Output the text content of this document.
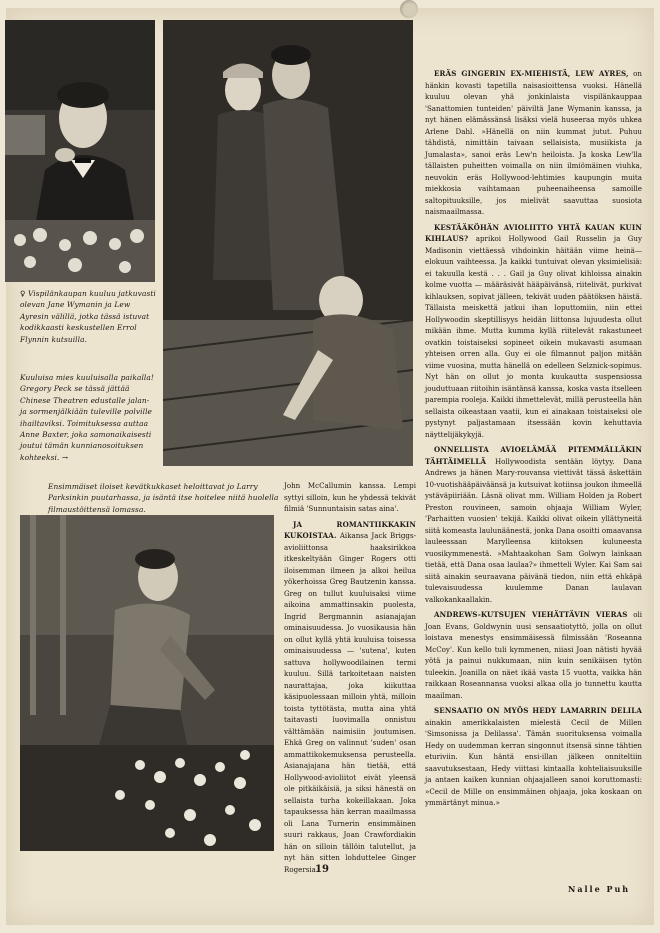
♀ Vispilänkaupan kuuluu jatkuvasti olevan Jane Wymanin ja Lew Ayresin välillä, jotka tässä istuvat kodikkaasti keskustellen Errol Flynnin kutsuilla.
Kuuluisa mies kuuluisalla paikalla! Gregory Peck se tässä jättää Chinese Theatren edustalle jalan- ja sormenjälkiään tuleville polville ihailtaviksi. Toimituksessa auttaa Anne Baxter, joka samonaikaisesti joutui tämän kunnianosoituksen kohteeksi. →
Ensimmäiset iloiset kevätkukkaset heloittavat jo Larry Parksinkin puutarhassa, ja isäntä itse hoitelee niitä huolella filmaustöittensä lomassa.

John McCallumin kanssa. Lempi syttyi silloin, kun he yhdessä tekivät filmiä 'Sunnuntaisin satas aina'.

JA ROMANTIIKKAKIN KUKOISTAA. Aikansa Jack Briggs-avioliittonsa haaksirikkoa itkeskeltyään Ginger Rogers otti iloisemman ilmeen ja alkoi heilua yökerhoissa Greg Bautzenin kanssa. Greg on tullut kuuluisaksi viime aikoina ammattinsakin puolesta, Ingrid Bergmannin asianajajan ominaisuudessa. Jo vuosikausia hän on ollut kyllä yhtä kuuluisa toisessa ominaisuudessa — 'sutena', kuten sattuva hollywoodilainen termi kuuluu. Sillä tarkoitetaan naisten naurattajaa, joka kiikuttaa käsipuolessaan milloin yhtä, milloin toista tyttötästa, mutta aina yhtä taitavasti luovimalla onnistuu välttämään naimisiin joutumisen. Ehkä Greg on valinnut 'suden' osan ammattikokemuksensa perusteella. Asianajajana hän tietää, että Hollywood-avioliitot eivät yleensä ole pitkäikäisiä, ja siksi hänestä on sellaista turha kokeillakaan. Joka tapauksessa hän kerran maailmassa oli Lana Turnerin ensimmäinen suuri rakkaus, Joan Crawfordiakin hän on silloin tällöin talutellut, ja nyt hän sitten lohduttelee Ginger Rogersia.

ERÄS GINGERIN EX-MIEHISTÄ, LEW AYRES, on hänkin kovasti tapetilla naisasioittensa vuoksi. Hänellä kuuluu olevan yhä jonkinlaista vispilänkauppaa 'Sanattomien tunteiden' päiviltä Jane Wymanin kanssa, ja nyt hänen elämässänsä lisäksi vielä huseeraa myös uhkea Arlene Dahl. »Hänellä on niin kummat jutut. Puhuu tähdistä, nimittäin taivaan sellaisista, musiikista ja Jumalasta», sanoi eräs Lew'n heiloista. Ja koska Lew'lla tällaisten puheitten voimalla on niin ilmiömäinen viuhka, neuvokin eräs Hollywood-lehtimies kaupungin muita miekkosia vaihtamaan puheenaiheensa samoille saltopituuksille, jos mielivät saavuttaa suosiota naismaailmassa.

KESTÄÄKÖHÄN AVIOLIITTO YHTÄ KAUAN KUIN KIHLAUS? aprikoi Hollywood Gail Russelin ja Guy Madisonin viettäessä vihdoinkin häitään viime heinä—elokuun vaihteessa. Ja kaikki tuntuivat olevan yksimielisiä: ei takuulla kestä . . . Gail ja Guy olivat kihloissa ainakin kolme vuotta — määräsivät hääpäivänsä, riitelivät, purkivat kihlauksen, sopivat jälleen, tekivät uuden päätöksen häistä. Tällaista meiskettä jatkui ihan loputtomiin, niin ettei Hollywoodin skeptillisyys heidän liittonsa lujuudesta ollut mikään ihme. Mutta kumma kyllä riitelevät rakastuneet ovatkin toistaiseksi sopineet oikein mukavasti asumaan yhteisen orren alla. Guy ei ole filmannut paljon mitään viime vuosina, mutta hänellä on edelleen Selznick-sopimus. Nyt hän on ollut jo monta kuukautta suspensiossa jouduttuaan riitoihin isäntänsä kanssa, koska vasta itselleen parempia rooleja. Kaikki ihmettelevät, millä perusteella hän sellaista oikeastaan vaatii, kun ei ainakaan toistaiseksi ole pystynyt paljastamaan itsessään kovin kehuttavia näyttelijäkykyjä.

ONNELLISTA AVIOELÄMÄÄ PITEMMÄLLÄKIN TÄHTÄIMELLÄ Hollywoodista sentään löytyy. Dana Andrews ja hänen Mary-rouvansa viettivät tässä äskettäin 10-vuotishääpäiväänsä ja kutsuivat kotiinsa joukon ihmeellä ystäväpiiriään. Läsnä olivat mm. William Holden ja Robert Preston rouvineen, samoin ohjaaja William Wyler, 'Parhaitten vuosien' tekijä. Kaikki olivat oikein yllättyneitä siitä komeasta laulunäänestä, jonka Dana osoitti omaavansa lauleessaan Marylleensa kiitoksen kuluneesta vuosikymmenestä. »Mahtaakohan Sam Golwyn lainkaan tietää, että Dana osaa laulaa?» ihmetteli Wyler. Kai Sam sai siitä ainakin seuraavana päivänä tiedon, niin että ehkäpä tulevaisuudessa kuulemme Danan laulavan valkokankaallakin.

ANDREWS-KUTSUJEN VIEHÄTTÄVIN VIERAS oli Joan Evans, Goldwynin uusi sensaatiotyttö, jolla on ollut loistava menestys ensimmäisessä filmissään 'Roseanna McCoy'. Kun kello tuli kymmenen, niiasi Joan nätisti hyvää yötä ja painui nukkumaan, niin kuin senikäisen tytön tuleekin. Joanilla on näet ikää vasta 15 vuotta, vaikka hän raikkaan Roseannansa vuoksi alkaa olla jo tunnettu kautta maailman.

SENSAATIO ON MYÖS HEDY LAMARRIN DELILA ainakin amerikkalaisten mielestä Cecil de Millen 'Simsonissa ja Delilassa'. Tämän suorituksensa voimalla Hedy on uudemman kerran singonnut itsensä sinne tähtien eturiviin. Kun häntä ensi-illan jälkeen onniteltiin saavutuksestaan, Hedy viittasi kintaalla kohteliaisuuksille ja antaen kaiken kunnian ohjaajalleen sanoi koruttomasti: »Cecil de Mille on ensimmäinen ohjaaja, joka koskaan on ymmärtänyt minua.»

19
Nalle Puh
